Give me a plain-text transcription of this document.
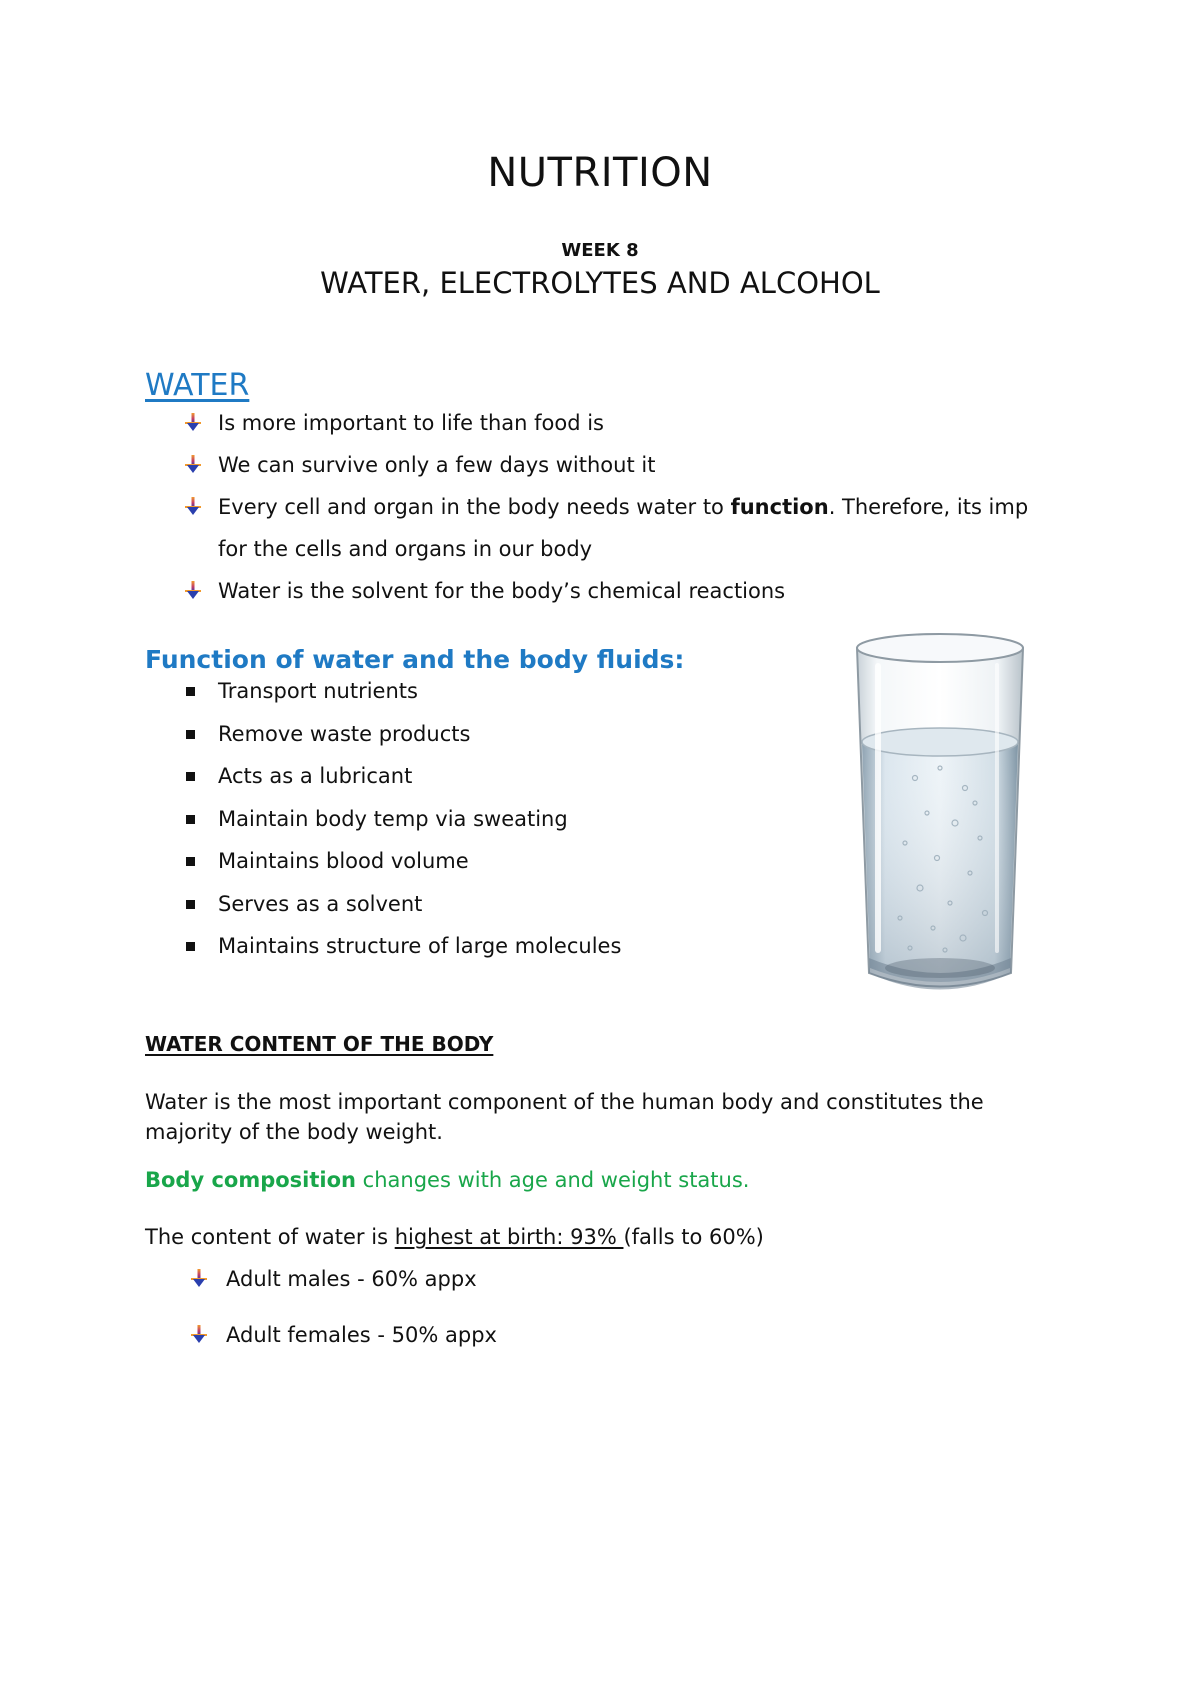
NUTRITION
WEEK 8
WATER, ELECTROLYTES AND ALCOHOL
WATER
Is more important to life than food is
We can survive only a few days without it
Every cell and organ in the body needs water to function. Therefore, its imp
for the cells and organs in our body
Water is the solvent for the body’s chemical reactions
Function of water and the body fluids:
Transport nutrients
Remove waste products
Acts as a lubricant
Maintain body temp via sweating
Maintains blood volume
Serves as a solvent
Maintains structure of large molecules
WATER CONTENT OF THE BODY
Water is the most important component of the human body and constitutes the
majority of the body weight.
Body composition changes with age and weight status.
The content of water is highest at birth: 93% (falls to 60%)
Adult males - 60% appx
Adult females - 50% appx
